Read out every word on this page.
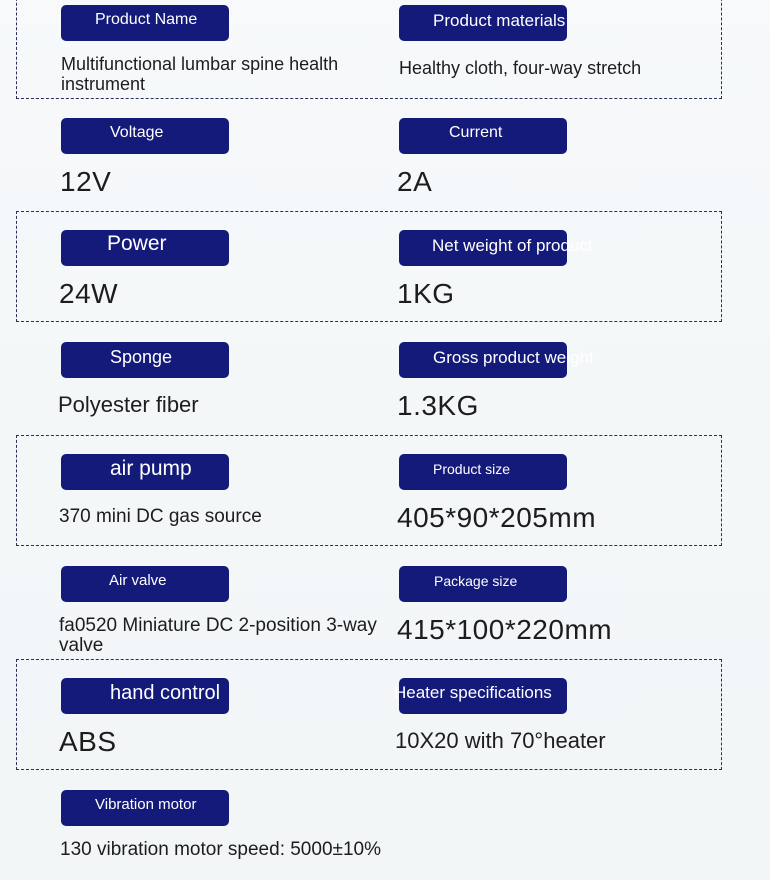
Product Name
Multifunctional lumbar spine health instrument
Product materials
Healthy cloth, four-way stretch
Voltage
12V
Current
2A
Power
24W
Net weight of product
1KG
Sponge
Polyester fiber
Gross product weight
1.3KG
air pump
370 mini DC gas source
Product size
405*90*205mm
Air valve
fa0520 Miniature DC 2-position 3-way valve
Package size
415*100*220mm
hand control
ABS
Heater specifications
10X20 with 70°heater
Vibration motor
130 vibration motor speed: 5000±10%
